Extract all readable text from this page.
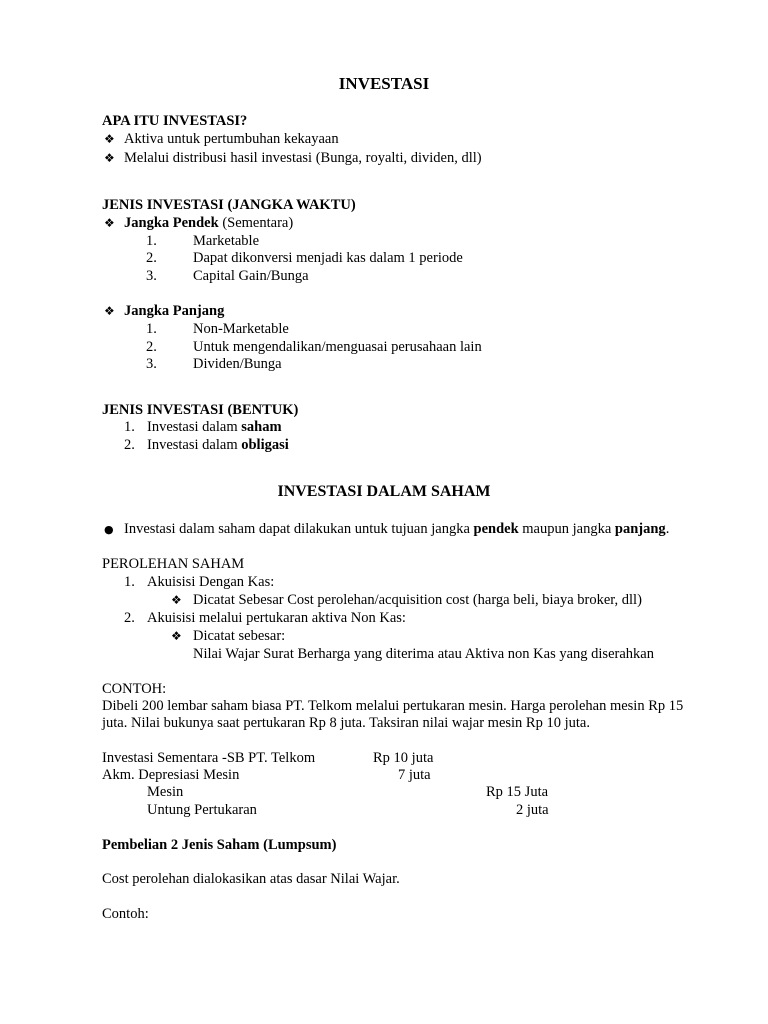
INVESTASI
APA ITU INVESTASI?
❖ Aktiva untuk pertumbuhan kekayaan
❖ Melalui distribusi hasil investasi (Bunga, royalti, dividen, dll)
JENIS INVESTASI (JANGKA WAKTU)
❖ Jangka Pendek (Sementara)
1. Marketable
2. Dapat dikonversi menjadi kas dalam 1 periode
3. Capital Gain/Bunga
❖ Jangka Panjang
1. Non-Marketable
2. Untuk mengendalikan/menguasai perusahaan lain
3. Dividen/Bunga
JENIS INVESTASI (BENTUK)
1. Investasi dalam saham
2. Investasi dalam obligasi
INVESTASI DALAM SAHAM
● Investasi dalam saham dapat dilakukan untuk tujuan jangka pendek maupun jangka panjang.
PEROLEHAN SAHAM
1. Akuisisi Dengan Kas:
❖ Dicatat Sebesar Cost perolehan/acquisition cost (harga beli, biaya broker, dll)
2. Akuisisi melalui pertukaran aktiva Non Kas:
❖ Dicatat sebesar:
Nilai Wajar Surat Berharga yang diterima atau Aktiva non Kas yang diserahkan
CONTOH:
Dibeli 200 lembar saham biasa PT. Telkom melalui pertukaran mesin. Harga perolehan mesin Rp 15
juta. Nilai bukunya saat pertukaran Rp 8 juta. Taksiran nilai wajar mesin Rp 10 juta.
Investasi Sementara -SB PT. Telkom	Rp 10 juta
Akm. Depresiasi Mesin	7 juta
Mesin	Rp 15 Juta
Untung Pertukaran	2 juta
Pembelian 2 Jenis Saham (Lumpsum)
Cost perolehan dialokasikan atas dasar Nilai Wajar.
Contoh:
